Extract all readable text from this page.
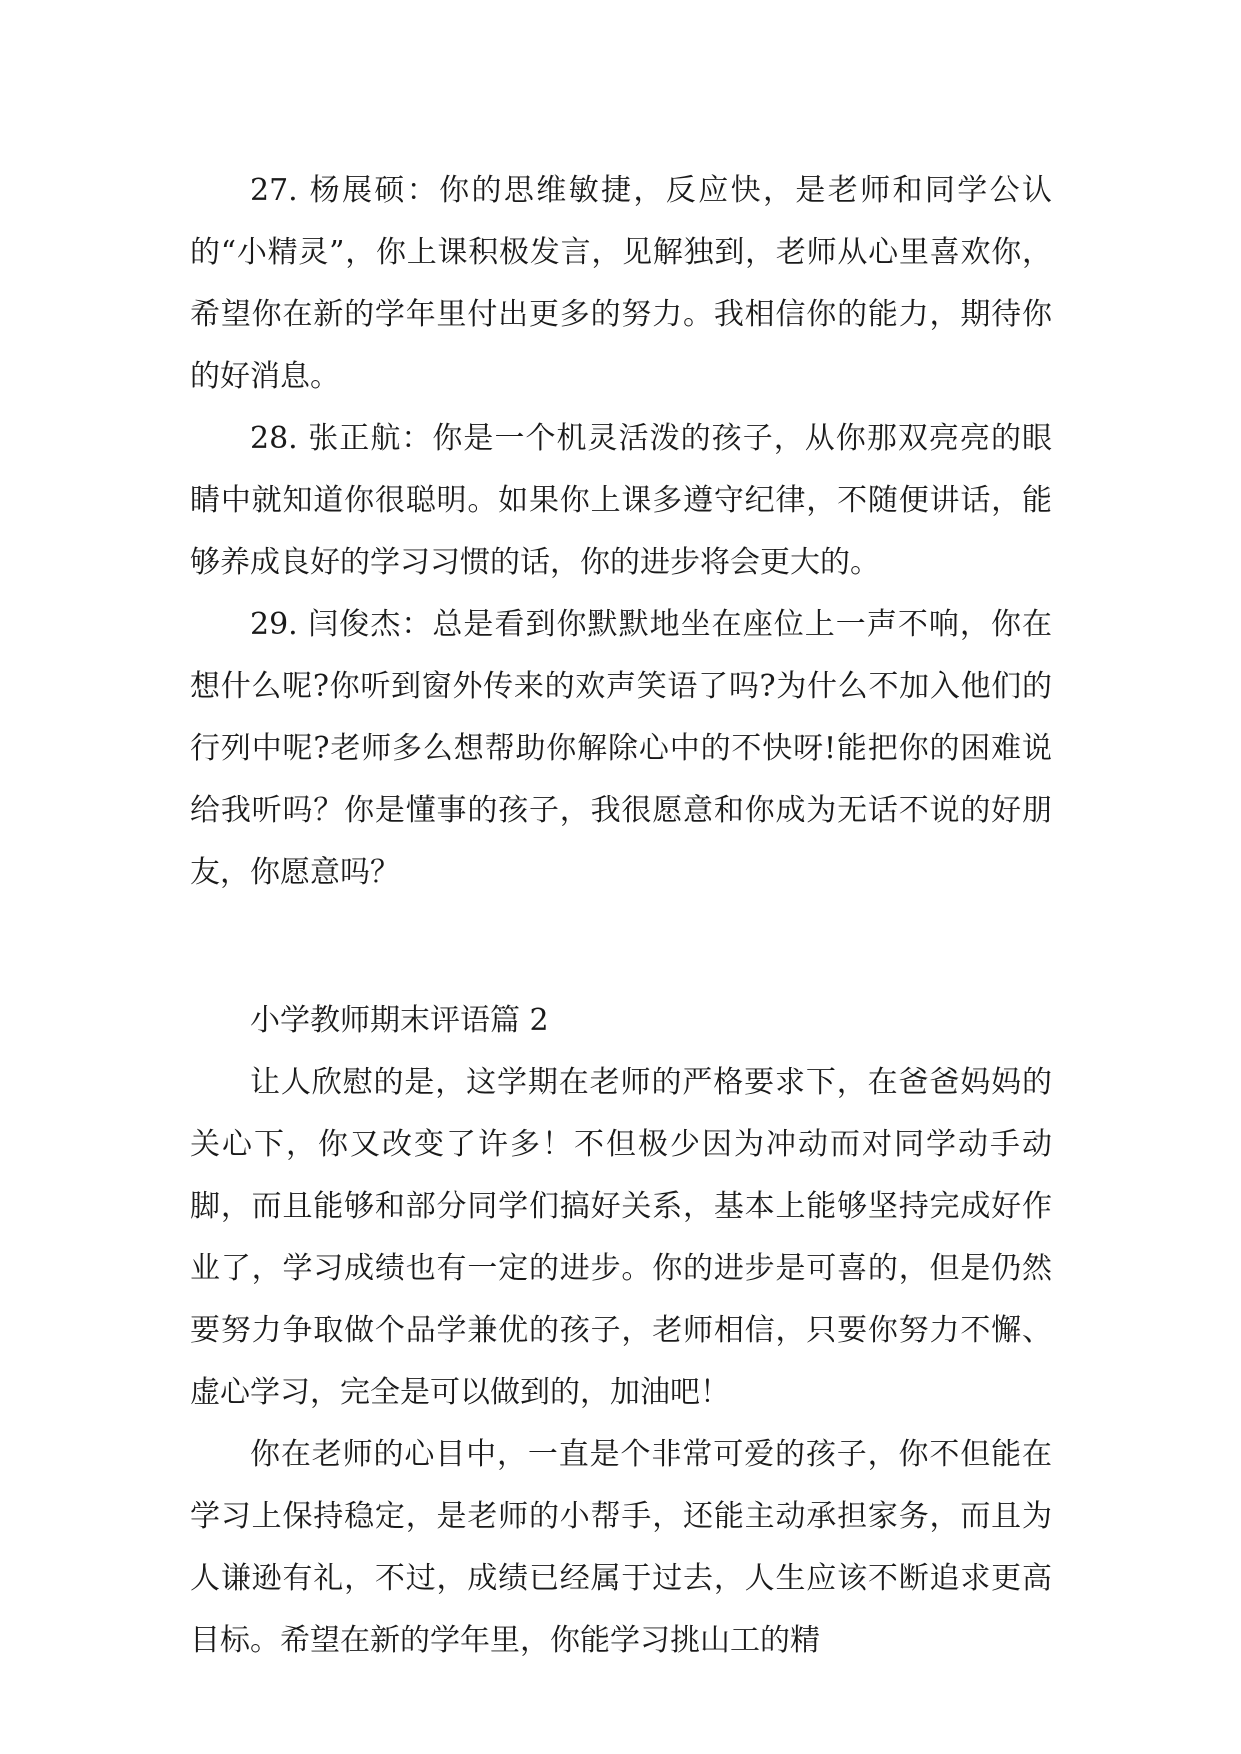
27. 杨展硕：你的思维敏捷，反应快，是老师和同学公认的“小精灵”，你上课积极发言，见解独到，老师从心里喜欢你，希望你在新的学年里付出更多的努力。我相信你的能力，期待你的好消息。

28. 张正航：你是一个机灵活泼的孩子，从你那双亮亮的眼睛中就知道你很聪明。如果你上课多遵守纪律，不随便讲话，能够养成良好的学习习惯的话，你的进步将会更大的。

29. 闫俊杰：总是看到你默默地坐在座位上一声不响，你在想什么呢?你听到窗外传来的欢声笑语了吗?为什么不加入他们的行列中呢?老师多么想帮助你解除心中的不快呀!能把你的困难说给我听吗？你是懂事的孩子，我很愿意和你成为无话不说的好朋友，你愿意吗？

小学教师期末评语篇 2

让人欣慰的是，这学期在老师的严格要求下，在爸爸妈妈的关心下，你又改变了许多！不但极少因为冲动而对同学动手动脚，而且能够和部分同学们搞好关系，基本上能够坚持完成好作业了，学习成绩也有一定的进步。你的进步是可喜的，但是仍然要努力争取做个品学兼优的孩子，老师相信，只要你努力不懈、虚心学习，完全是可以做到的，加油吧！

你在老师的心目中，一直是个非常可爱的孩子，你不但能在学习上保持稳定，是老师的小帮手，还能主动承担家务，而且为人谦逊有礼，不过，成绩已经属于过去，人生应该不断追求更高目标。希望在新的学年里，你能学习挑山工的精
